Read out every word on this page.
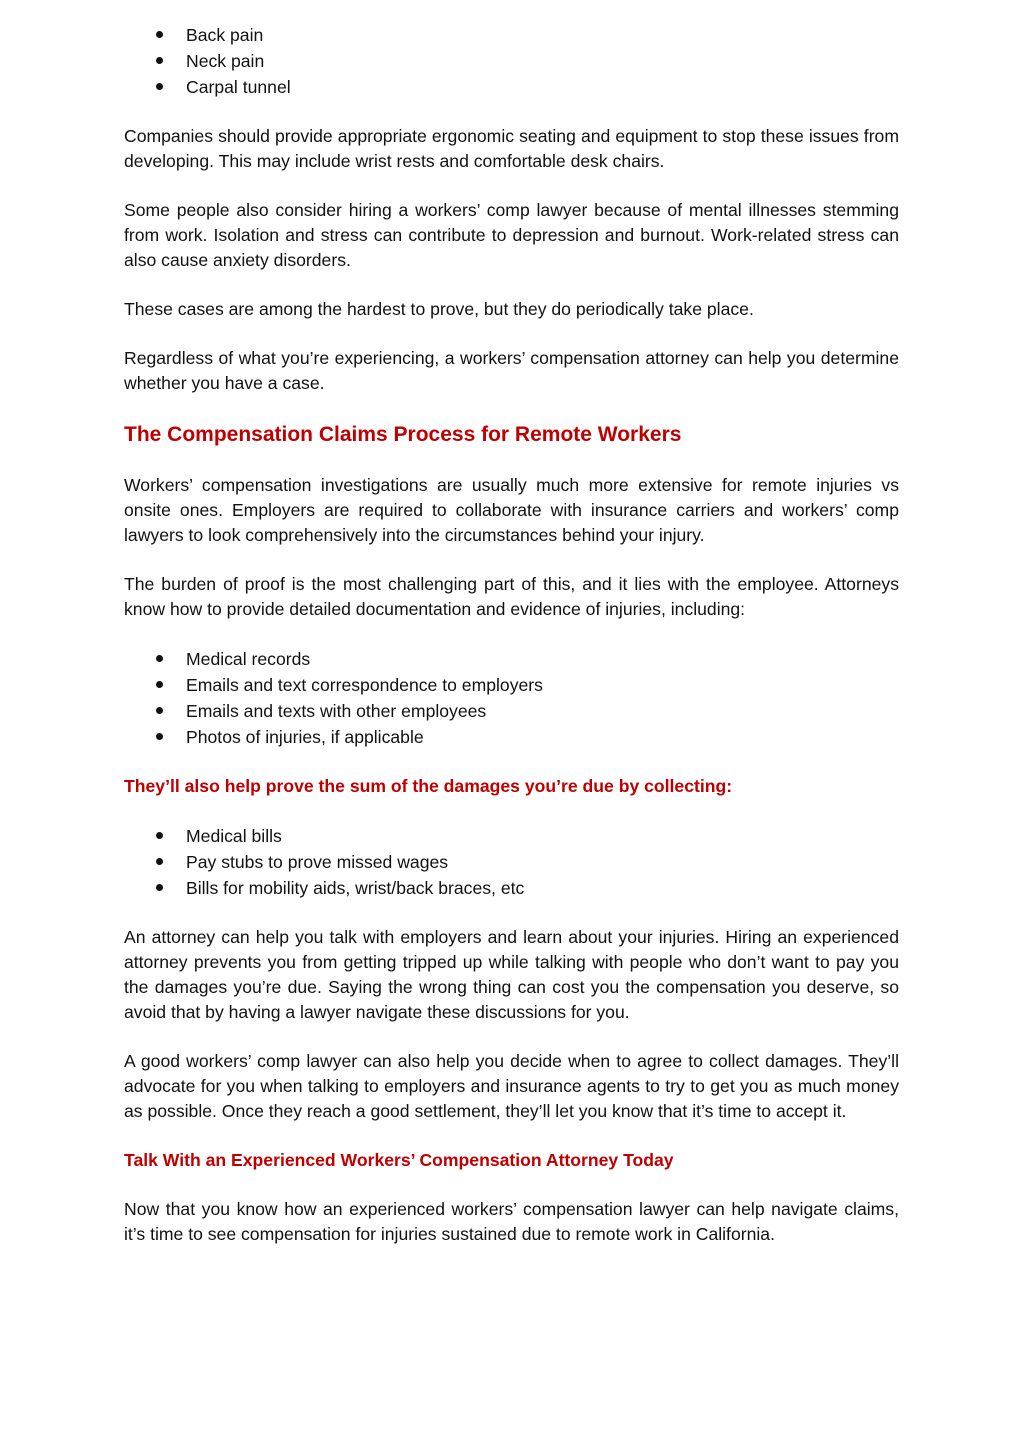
Back pain
Neck pain
Carpal tunnel

Companies should provide appropriate ergonomic seating and equipment to stop these issues from developing. This may include wrist rests and comfortable desk chairs.

Some people also consider hiring a workers’ comp lawyer because of mental illnesses stemming from work. Isolation and stress can contribute to depression and burnout. Work-related stress can also cause anxiety disorders.

These cases are among the hardest to prove, but they do periodically take place.

Regardless of what you’re experiencing, a workers’ compensation attorney can help you determine whether you have a case.

The Compensation Claims Process for Remote Workers

Workers’ compensation investigations are usually much more extensive for remote injuries vs onsite ones. Employers are required to collaborate with insurance carriers and workers’ comp lawyers to look comprehensively into the circumstances behind your injury.

The burden of proof is the most challenging part of this, and it lies with the employee. Attorneys know how to provide detailed documentation and evidence of injuries, including:

Medical records
Emails and text correspondence to employers
Emails and texts with other employees
Photos of injuries, if applicable
They’ll also help prove the sum of the damages you’re due by collecting:
Medical bills
Pay stubs to prove missed wages
Bills for mobility aids, wrist/back braces, etc

An attorney can help you talk with employers and learn about your injuries. Hiring an experienced attorney prevents you from getting tripped up while talking with people who don’t want to pay you the damages you’re due. Saying the wrong thing can cost you the compensation you deserve, so avoid that by having a lawyer navigate these discussions for you.

A good workers’ comp lawyer can also help you decide when to agree to collect damages. They’ll advocate for you when talking to employers and insurance agents to try to get you as much money as possible. Once they reach a good settlement, they’ll let you know that it’s time to accept it.

Talk With an Experienced Workers’ Compensation Attorney Today

Now that you know how an experienced workers’ compensation lawyer can help navigate claims, it’s time to see compensation for injuries sustained due to remote work in California.
